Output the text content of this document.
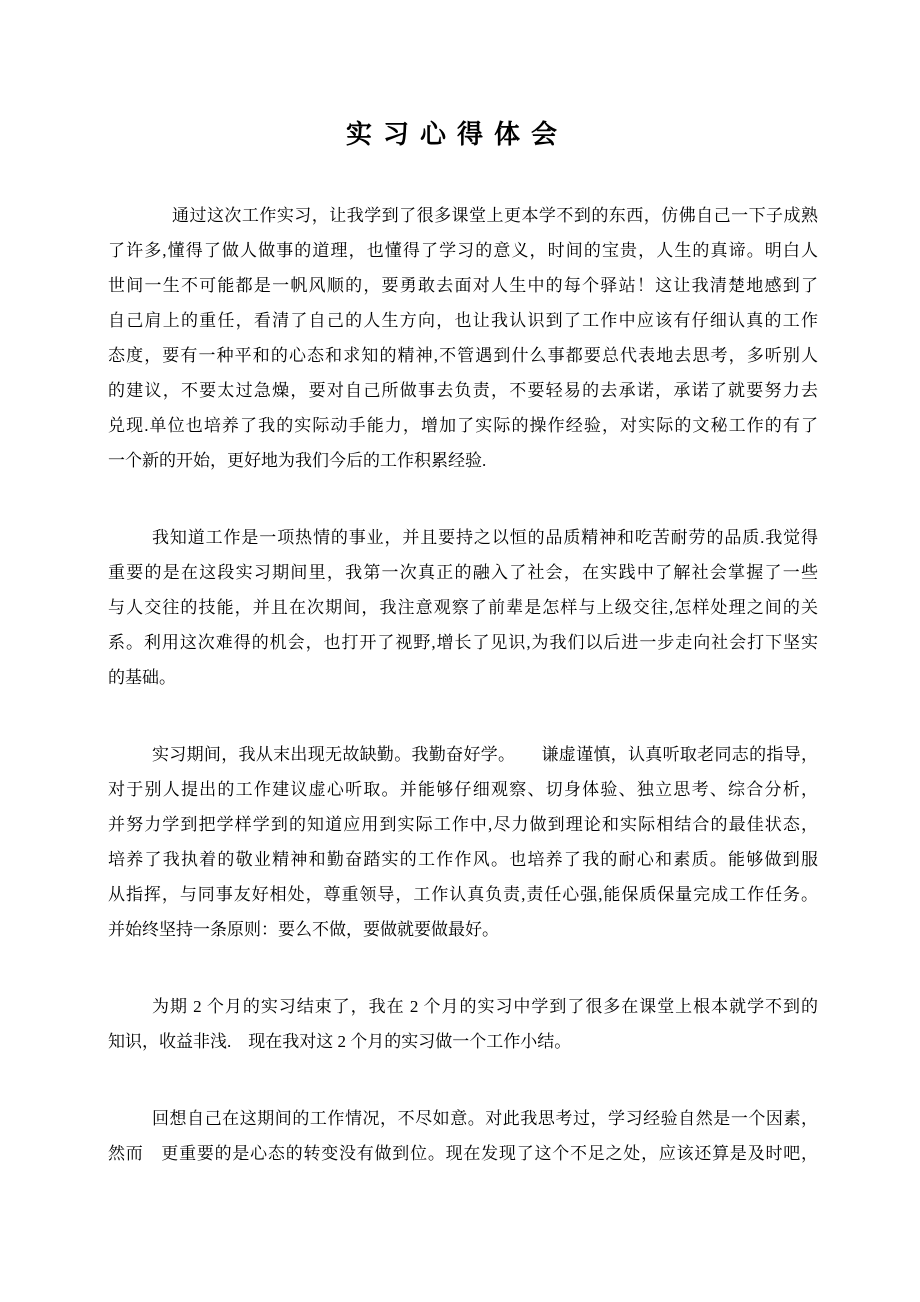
实习心得体会
通过这次工作实习，让我学到了很多课堂上更本学不到的东西，仿佛自己一下子成熟
了许多,懂得了做人做事的道理，也懂得了学习的意义，时间的宝贵，人生的真谛。明白人
世间一生不可能都是一帆风顺的，要勇敢去面对人生中的每个驿站！这让我清楚地感到了
自己肩上的重任，看清了自己的人生方向，也让我认识到了工作中应该有仔细认真的工作
态度，要有一种平和的心态和求知的精神,不管遇到什么事都要总代表地去思考，多听别人
的建议，不要太过急燥，要对自己所做事去负责，不要轻易的去承诺，承诺了就要努力去
兑现.单位也培养了我的实际动手能力，增加了实际的操作经验，对实际的文秘工作的有了
一个新的开始，更好地为我们今后的工作积累经验.
我知道工作是一项热情的事业，并且要持之以恒的品质精神和吃苦耐劳的品质.我觉得
重要的是在这段实习期间里，我第一次真正的融入了社会，在实践中了解社会掌握了一些
与人交往的技能，并且在次期间，我注意观察了前辈是怎样与上级交往,怎样处理之间的关
系。利用这次难得的机会，也打开了视野,增长了见识,为我们以后进一步走向社会打下坚实
的基础。
实习期间，我从末出现无故缺勤。我勤奋好学。　　谦虚谨慎，认真听取老同志的指导，
对于别人提出的工作建议虚心听取。并能够仔细观察、切身体验、独立思考、综合分析，
并努力学到把学样学到的知道应用到实际工作中,尽力做到理论和实际相结合的最佳状态，
培养了我执着的敬业精神和勤奋踏实的工作作风。也培养了我的耐心和素质。能够做到服
从指挥，与同事友好相处，尊重领导，工作认真负责,责任心强,能保质保量完成工作任务。
并始终坚持一条原则：要么不做，要做就要做最好。
为期 2 个月的实习结束了，我在 2 个月的实习中学到了很多在课堂上根本就学不到的
知识，收益非浅.　现在我对这 2 个月的实习做一个工作小结。
回想自己在这期间的工作情况，不尽如意。对此我思考过，学习经验自然是一个因素，
然而　更重要的是心态的转变没有做到位。现在发现了这个不足之处，应该还算是及时吧，
